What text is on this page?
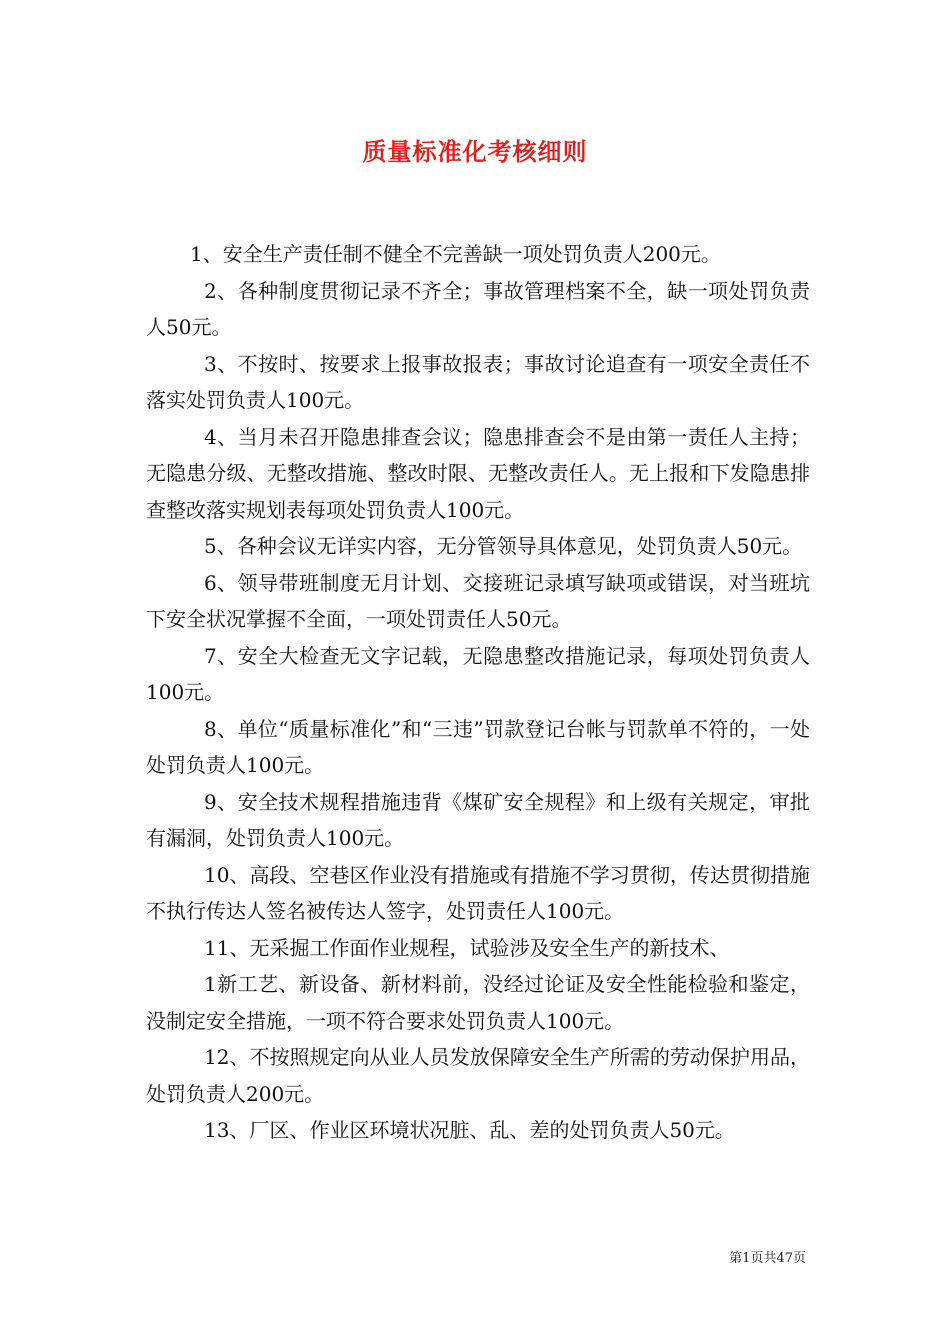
质量标准化考核细则

1、安全生产责任制不健全不完善缺一项处罚负责人200元。

2、各种制度贯彻记录不齐全；事故管理档案不全，缺一项处罚负责人50元。

3、不按时、按要求上报事故报表；事故讨论追查有一项安全责任不落实处罚负责人100元。

4、当月未召开隐患排查会议；隐患排查会不是由第一责任人主持；无隐患分级、无整改措施、整改时限、无整改责任人。无上报和下发隐患排查整改落实规划表每项处罚负责人100元。

5、各种会议无详实内容，无分管领导具体意见，处罚负责人50元。

6、领导带班制度无月计划、交接班记录填写缺项或错误，对当班坑下安全状况掌握不全面，一项处罚责任人50元。

7、安全大检查无文字记载，无隐患整改措施记录，每项处罚负责人100元。

8、单位“质量标准化”和“三违”罚款登记台帐与罚款单不符的，一处处罚负责人100元。

9、安全技术规程措施违背《煤矿安全规程》和上级有关规定，审批有漏洞，处罚负责人100元。

10、高段、空巷区作业没有措施或有措施不学习贯彻，传达贯彻措施不执行传达人签名被传达人签字，处罚责任人100元。

11、无采掘工作面作业规程，试验涉及安全生产的新技术、

1新工艺、新设备、新材料前，没经过论证及安全性能检验和鉴定，没制定安全措施，一项不符合要求处罚负责人100元。

12、不按照规定向从业人员发放保障安全生产所需的劳动保护用品，处罚负责人200元。

13、厂区、作业区环境状况脏、乱、差的处罚负责人50元。

第1页共47页
